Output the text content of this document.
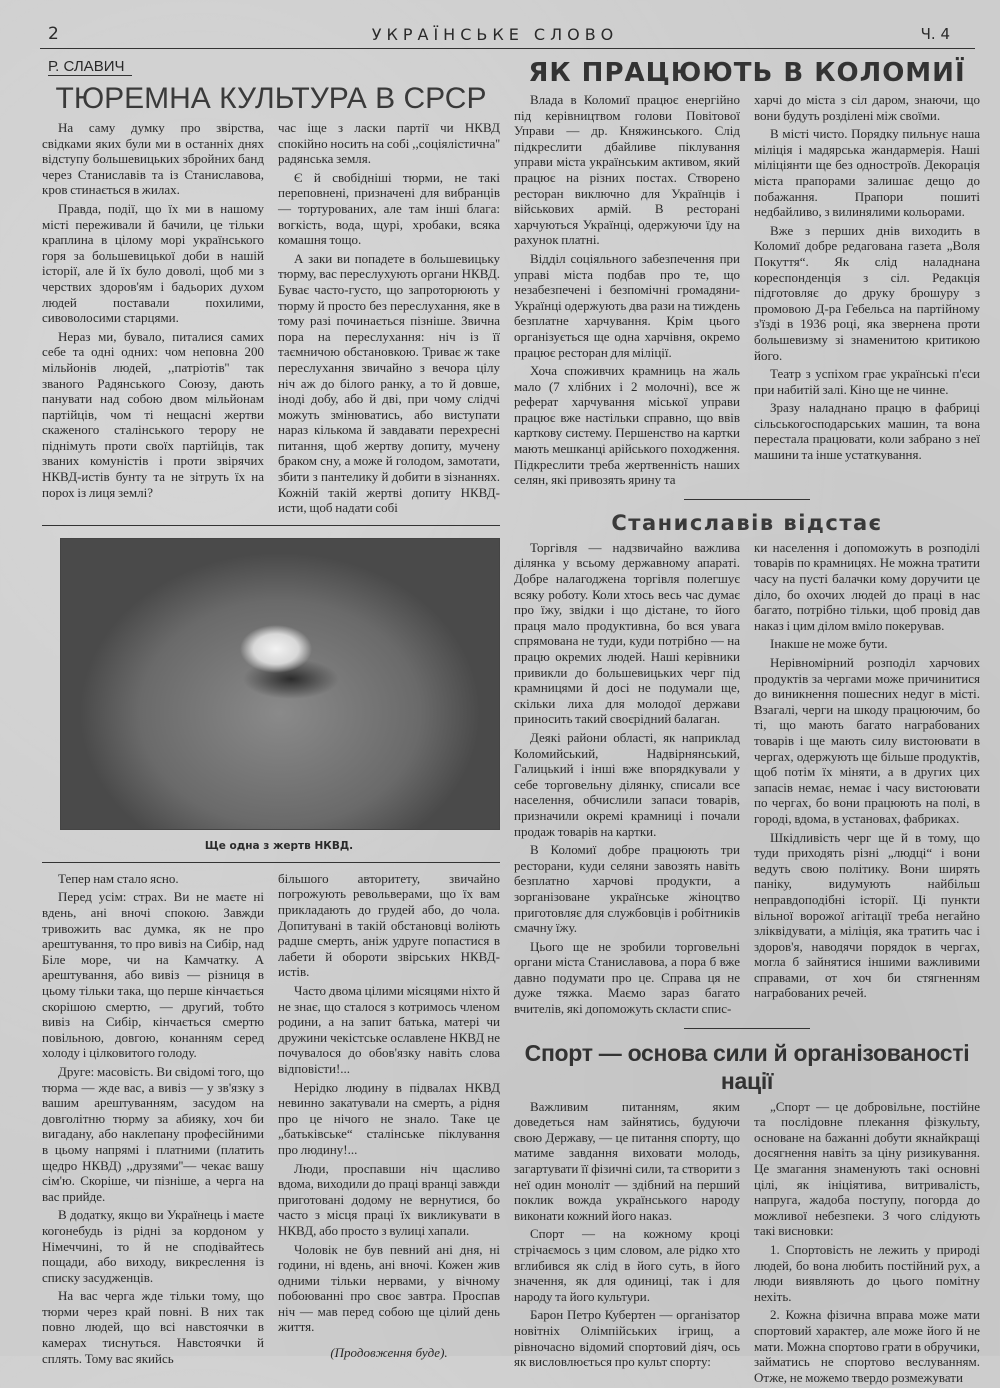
2	УКРАЇНСЬКЕ СЛОВО	Ч. 4
Р. СЛАВИЧ
ТЮРЕМНА КУЛЬТУРА В СРСР

На саму думку про звірства, свідками яких були ми в останніх днях відступу большевицьких збройних банд через Станиславів та із Станиславова, кров стинається в жилах.

Правда, події, що їх ми в нашому місті переживали й бачили, це тільки краплина в цілому морі українського горя за большевицької доби в нашій історії, але й їх було доволі, щоб ми з черствих здоров'ям і бадьорих духом людей поставали похилими, сивоволосими старцями.

Нераз ми, бувало, питалися самих себе та одні одних: чом неповна 200 мільйонів людей, ,,патріотів'' так званого Радянського Союзу, дають панувати над собою двом мільйонам партійців, чом ті нещасні жертви скаженого сталінського терору не піднімуть проти своїх партійців, так званих комуністів і проти звірячих НКВД-истів бунту та не зітруть їх на порох із лиця землі?

час іще з ласки партії чи НКВД спокійно носить на собі ,,соціялістична'' радянська земля.

Є й свобідніші тюрми, не такі переповнені, призначені для вибранців — тортурованих, але там інші блага: вогкість, вода, щурі, хробаки, всяка комашня тощо.

А заки ви попадете в большевицьку тюрму, вас переслухують органи НКВД. Буває часто-густо, що запроторюють у тюрму й просто без переслухання, яке в тому разі починається пізніше. Звична пора на переслухання: ніч із її таємничою обстановкою. Триває ж таке переслухання звичайно з вечора цілу ніч аж до білого ранку, а то й довше, іноді добу, або й дві, при чому слідчі можуть змінюватись, або виступати нараз кількома й завдавати перехресні питання, щоб жертву допиту, мучену браком сну, а може й голодом, замотати, збити з пантелику й добити в зізнаннях. Кожній такій жертві допиту НКВД-исти, щоб надати собі

Ще одна з жертв НКВД.

Тепер нам стало ясно.

Перед усім: страх. Ви не маєте ні вдень, ані вночі спокою. Завжди тривожить вас думка, як не про арештування, то про вивіз на Сибір, над Біле море, чи на Камчатку. А арештування, або вивіз — різниця в цьому тільки така, що перше кінчається скорішою смертю, — другий, тобто вивіз на Сибір, кінчається смертю повільною, довгою, конанням серед холоду і цілковитого голоду.

Друге: масовість. Ви свідомі того, що тюрма — жде вас, а вивіз — у зв'язку з вашим арештуванням, засудом на довголітню тюрму за абияку, хоч би вигадану, або наклепану професійними в цьому напрямі і платними (платить щедро НКВД) ,,друзями''— чекає вашу сім'ю. Скоріше, чи пізніше, а черга на вас прийде.

В додатку, якщо ви Українець і маєте когонебудь із рідні за кордоном у Німеччині, то й не сподівайтесь пощади, або виходу, викреслення із списку засудженців.

На вас черга жде тільки тому, що тюрми через край повні. В них так повно людей, що всі навстоячки в камерах тиснуться. Навстоячки й сплять. Тому вас якийсь

більшого авторитету, звичайно погрожують револьверами, що їх вам прикладають до грудей або, до чола. Допитувані в такій обстановці воліють радше смерть, аніж удруге попастися в лабети й обороти звірських НКВД-истів.

Часто двома цілими місяцями ніхто й не знає, що сталося з котримось членом родини, а на запит батька, матері чи дружини чекістське ославлене НКВД не почувалося до обов'язку навіть слова відповісти!...

Нерідко людину в підвалах НКВД невинно закатували на смерть, а рідня про це нічого не знало. Таке це „батьківське“ сталінське піклування про людину!...

Люди, проспавши ніч щасливо вдома, виходили до праці вранці завжди приготовані додому не вернутися, бо часто з місця праці їх викликувати в НКВД, або просто з вулиці хапали.

Чоловік не був певний ані дня, ні години, ні вдень, ані вночі. Кожен жив одними тільки нервами, у вічному побоюванні про своє завтра. Проспав ніч — мав перед собою ще цілий день життя.

(Продовження буде).
ЯК ПРАЦЮЮТЬ В КОЛОМИЇ

Влада в Коломиї працює енергійно під керівництвом голови Повітової Управи — др. Княжинського. Слід підкреслити дбайливе піклування управи міста українським активом, який працює на різних постах. Створено ресторан виключно для Українців і військових армій. В ресторані харчуються Українці, одержуючи їду на рахунок платні.

Відділ соціяльного забезпечення при управі міста подбав про те, що незабезпечені і безпомічні громадяни-Українці одержують два рази на тиждень безплатне харчування. Крім цього організується ще одна харчівня, окремо працює ресторан для міліції.

Хоча споживчих крамниць на жаль мало (7 хлібних і 2 молочні), все ж реферат харчування міської управи працює вже настільки справно, що ввів карткову систему. Першенство на картки мають мешканці арійського походження. Підкреслити треба жертвенність наших селян, які привозять ярину та

харчі до міста з сіл даром, знаючи, що вони будуть розділені між своїми.

В місті чисто. Порядку пильнує наша міліція і мадярська жандармерія. Наші міліціянти ще без однострої​в. Декорація міста прапорами залишає дещо до побажання. Прапори пошиті недбайливо, з вилинялими кольорами.

Вже з перших днів виходить в Коломиї добре редагована газета „Воля Покуття“. Як слід наладнана кореспонденція з сіл. Редакція підготовляє до друку брошуру з промовою Д-ра Гебельса на партійному з'їзді в 1936 році, яка звернена проти большевизму зі знаменитою критикою його.

Театр з успіхом грає українські п'єси при набитій залі. Кіно ще не чинне.

Зразу наладнано працю в фабриці сільськогосподарських машин, та вона перестала працювати, коли забрано з неї машини та інше устаткування.

Станиславів відстає

Торгівля — надзвичайно важлива ділянка у всьому державному апараті. Добре налагоджена торгівля полегшує всяку роботу. Коли хтось весь час думає про їжу, звідки і що дістане, то його праця мало продуктивна, бо вся увага спрямована не туди, куди потрібно — на працю окремих людей. Наші керівники привикли до большевицьких черг під крамницями й досі не подумали ще, скільки лиха для молодої держави приносить такий своєрідний балаган.

Деякі райони області, як наприклад Коломийський, Надвірнянський, Галицький і інші вже впорядкували у себе торговельну ділянку, списали все населення, обчислили запаси товарів, призначили окремі крамниці і почали продаж товарів на картки.

В Коломиї добре працюють три ресторани, куди селяни завозять навіть безплатно харчові продукти, а зорганізоване українське жіноцтво приготовляє для службовців і робітників смачну їжу.

Цього ще не зробили торговельні органи міста Станиславова, а пора б вже давно подумати про це. Справа ця не дуже тяжка. Маємо зараз багато вчителів, які допоможуть скласти спис-

ки населення і допоможуть в розподілі товарів по крамницях. Не можна тратити часу на пусті балачки кому доручити це діло, бо охочих людей до праці в нас багато, потрібно тільки, щоб провід дав наказ і цим ділом вміло покерував.

Інакше не може бути.

Нерівномірний розподіл харчових продуктів за чергами може причинитися до виникнення пошесних недуг в місті. Взагалі, черги на шкоду працюючим, бо ті, що мають багато награбованих товарів і ще мають силу вистоювати в чергах, одержують ще більше продуктів, щоб потім їх міняти, а в других цих запасів немає, немає і часу вистоювати по чергах, бо вони працюють на полі, в городі, вдома, в установах, фабриках.

Шкідливість черг ще й в тому, що туди приходять різні „людці“ і вони ведуть свою політику. Вони ширять паніку, видумують найбільш неправдоподібні історії. Ці пункти вільної ворожої агітації треба негайно зліквідувати, а міліція, яка тратить час і здоров'я, наводячи порядок в чергах, могла б зайнятися іншими важливими справами, от хоч би стягненням награбованих речей.

Спорт — основа сили й організованості нації

Важливим питанням, яким доведеться нам зайнятись, будуючи свою Державу, — це питання спорту, що матиме завдання виховати молодь, загартувати її фізичні сили, та створити з неї один моноліт — здібний на перший поклик вожда українського народу виконати кожний його наказ.

Спорт — на кожному кроці стрічаємось з цим словом, але рідко хто вглибився як слід в його суть, в його значення, як для одиниці, так і для народу та його культури.

Барон Петро Кубертен — організатор новітніх Олімпійських ігрищ, а рівночасно відомий спортовий діяч, ось як висловлюється про культ спорту:

„Спорт — це добровільне, постійне та послідовне плекання фізкульту, основане на бажанні добути якнайкращі досягнення навіть за ціну ризикування. Це змагання знаменують такі основні цілі, як ініціятива, витривалість, напруга, жадоба поступу, погорда до можливої небезпеки. З чого слідують такі висновки:

1. Спортовість не лежить у природі людей, бо вона любить постійний рух, а люди виявляють до цього помітну нехіть.

2. Кожна фізична вправа може мати спортовий характер, але може його й не мати. Можна спортово грати в обручики, займатись не спортово веслуванням. Отже, не можемо твердо розмежувати
